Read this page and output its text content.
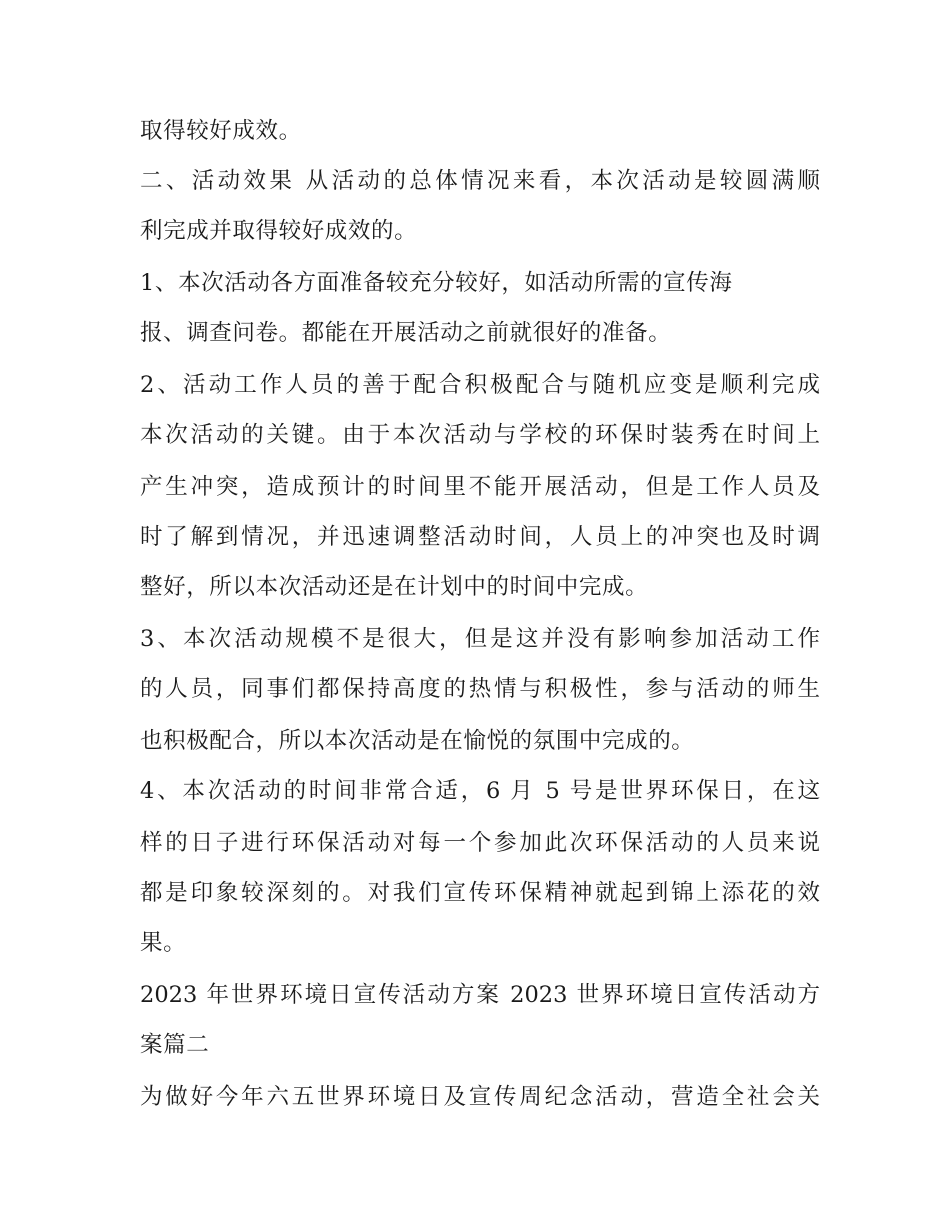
取得较好成效。

二、活动效果 从活动的总体情况来看，本次活动是较圆满顺

利完成并取得较好成效的。

1、本次活动各方面准备较充分较好，如活动所需的宣传海

报、调查问卷。都能在开展活动之前就很好的准备。

2、活动工作人员的善于配合积极配合与随机应变是顺利完成

本次活动的关键。由于本次活动与学校的环保时装秀在时间上

产生冲突，造成预计的时间里不能开展活动，但是工作人员及

时了解到情况，并迅速调整活动时间，人员上的冲突也及时调

整好，所以本次活动还是在计划中的时间中完成。

3、本次活动规模不是很大，但是这并没有影响参加活动工作

的人员，同事们都保持高度的热情与积极性，参与活动的师生

也积极配合，所以本次活动是在愉悦的氛围中完成的。

4、本次活动的时间非常合适，6 月 5 号是世界环保日，在这

样的日子进行环保活动对每一个参加此次环保活动的人员来说

都是印象较深刻的。对我们宣传环保精神就起到锦上添花的效

果。

2023 年世界环境日宣传活动方案 2023 世界环境日宣传活动方

案篇二

为做好今年六五世界环境日及宣传周纪念活动，营造全社会关
